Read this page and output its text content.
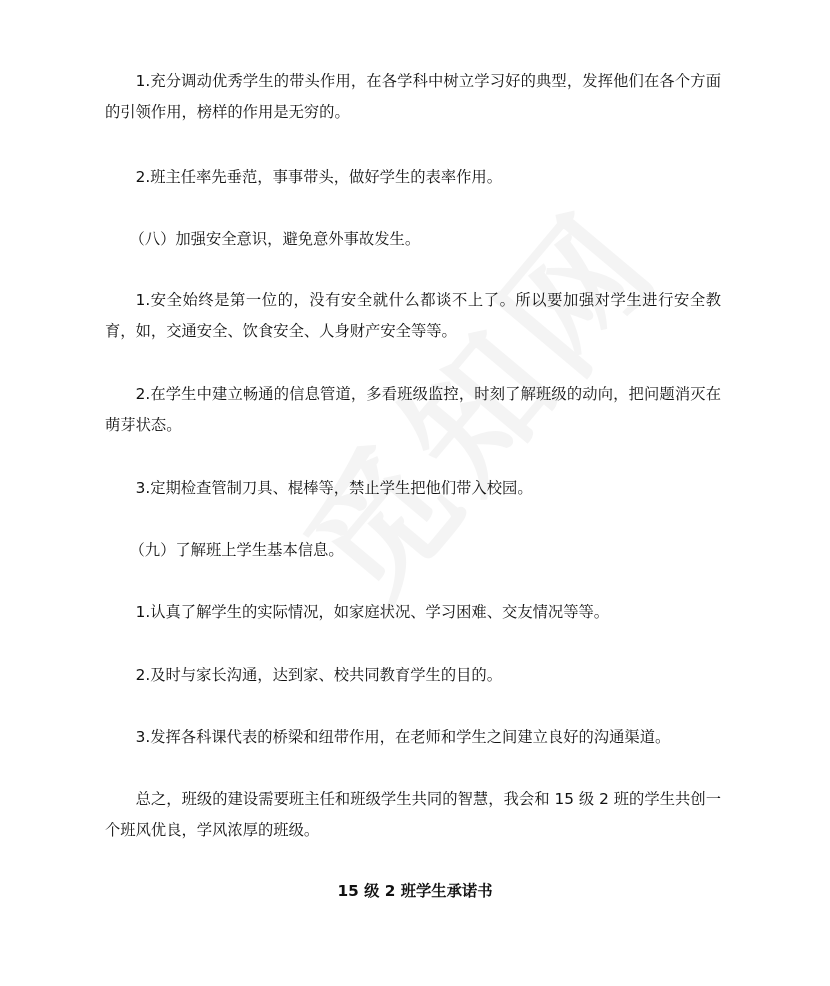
1.充分调动优秀学生的带头作用，在各学科中树立学习好的典型，发挥他们在各个方面的引领作用，榜样的作用是无穷的。

2.班主任率先垂范，事事带头，做好学生的表率作用。

（八）加强安全意识，避免意外事故发生。

1.安全始终是第一位的，没有安全就什么都谈不上了。所以要加强对学生进行安全教育，如，交通安全、饮食安全、人身财产安全等等。

2.在学生中建立畅通的信息管道，多看班级监控，时刻了解班级的动向，把问题消灭在萌芽状态。

3.定期检查管制刀具、棍棒等，禁止学生把他们带入校园。

（九）了解班上学生基本信息。

1.认真了解学生的实际情况，如家庭状况、学习困难、交友情况等等。

2.及时与家长沟通，达到家、校共同教育学生的目的。

3.发挥各科课代表的桥梁和纽带作用，在老师和学生之间建立良好的沟通渠道。

总之，班级的建设需要班主任和班级学生共同的智慧，我会和 15 级 2 班的学生共创一个班风优良，学风浓厚的班级。

15 级 2 班学生承诺书
